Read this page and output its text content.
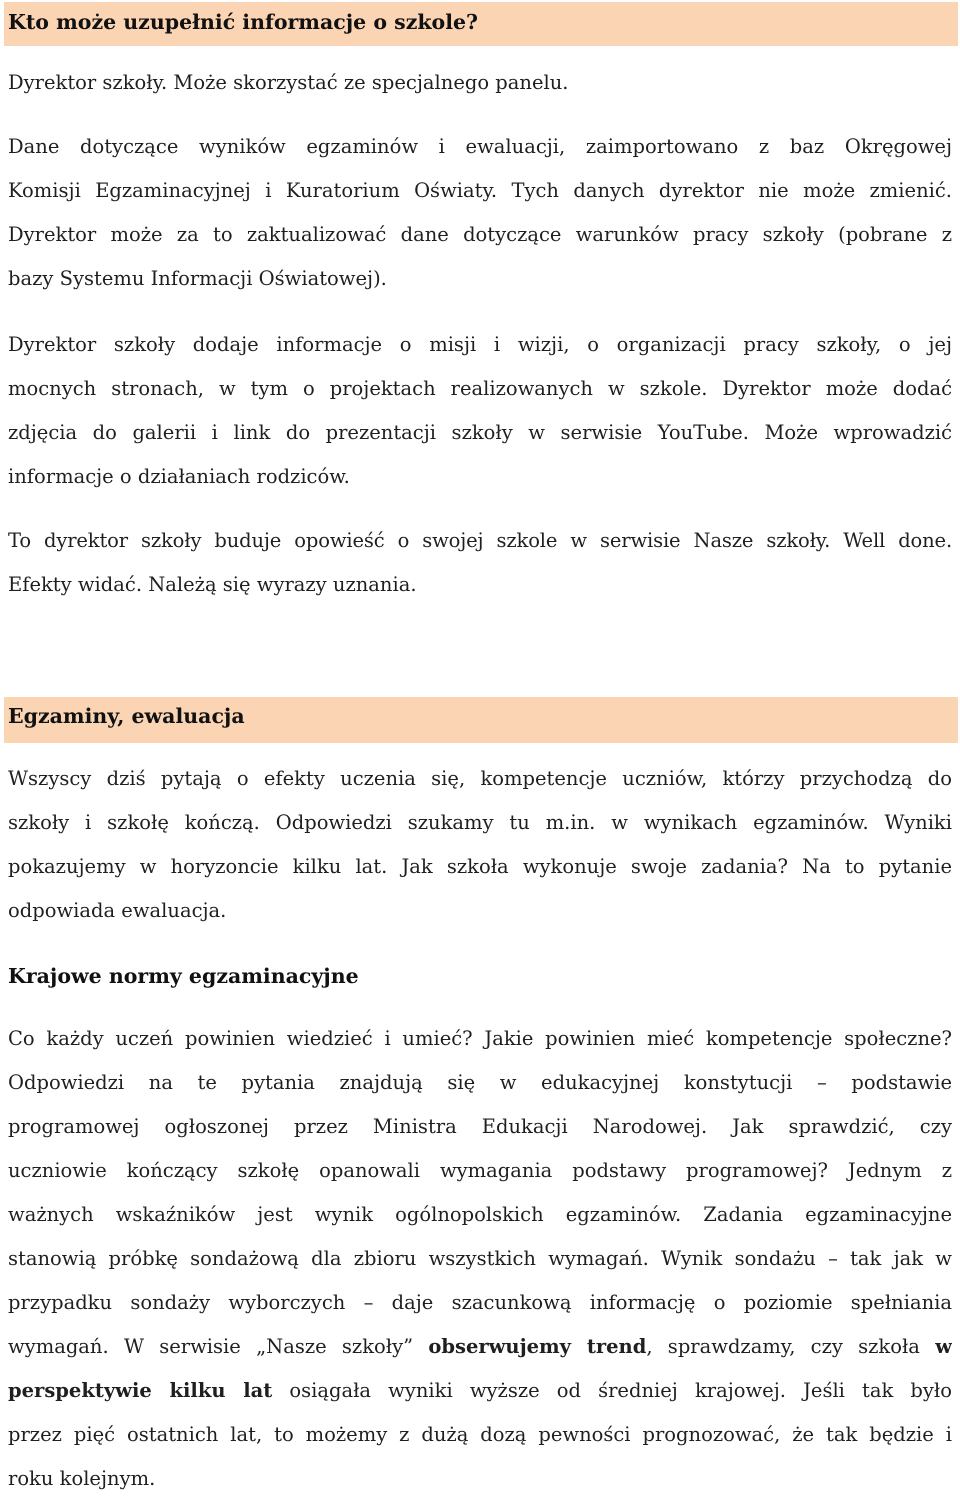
Kto może uzupełnić informacje o szkole?
Dyrektor szkoły. Może skorzystać ze specjalnego panelu.
Dane dotyczące wyników egzaminów i ewaluacji, zaimportowano z baz Okręgowej
Komisji Egzaminacyjnej i Kuratorium Oświaty. Tych danych dyrektor nie może zmienić.
Dyrektor może za to zaktualizować dane dotyczące warunków pracy szkoły (pobrane z
bazy Systemu Informacji Oświatowej).
Dyrektor szkoły dodaje informacje o misji i wizji, o organizacji pracy szkoły, o jej
mocnych stronach, w tym o projektach realizowanych w szkole. Dyrektor może dodać
zdjęcia do galerii i link do prezentacji szkoły w serwisie YouTube. Może wprowadzić
informacje o działaniach rodziców.
To dyrektor szkoły buduje opowieść o swojej szkole w serwisie Nasze szkoły. Well done.
Efekty widać. Należą się wyrazy uznania.
Egzaminy, ewaluacja
Wszyscy dziś pytają o efekty uczenia się, kompetencje uczniów, którzy przychodzą do
szkoły i szkołę kończą. Odpowiedzi szukamy tu m.in. w wynikach egzaminów. Wyniki
pokazujemy w horyzoncie kilku lat. Jak szkoła wykonuje swoje zadania? Na to pytanie
odpowiada ewaluacja.
Krajowe normy egzaminacyjne
Co każdy uczeń powinien wiedzieć i umieć? Jakie powinien mieć kompetencje społeczne?
Odpowiedzi na te pytania znajdują się w edukacyjnej konstytucji – podstawie
programowej ogłoszonej przez Ministra Edukacji Narodowej. Jak sprawdzić, czy
uczniowie kończący szkołę opanowali wymagania podstawy programowej? Jednym z
ważnych wskaźników jest wynik ogólnopolskich egzaminów. Zadania egzaminacyjne
stanowią próbkę sondażową dla zbioru wszystkich wymagań. Wynik sondażu – tak jak w
przypadku sondaży wyborczych – daje szacunkową informację o poziomie spełniania
wymagań. W serwisie „Nasze szkoły” obserwujemy trend, sprawdzamy, czy szkoła w
perspektywie kilku lat osiągała wyniki wyższe od średniej krajowej. Jeśli tak było
przez pięć ostatnich lat, to możemy z dużą dozą pewności prognozować, że tak będzie i
roku kolejnym.
